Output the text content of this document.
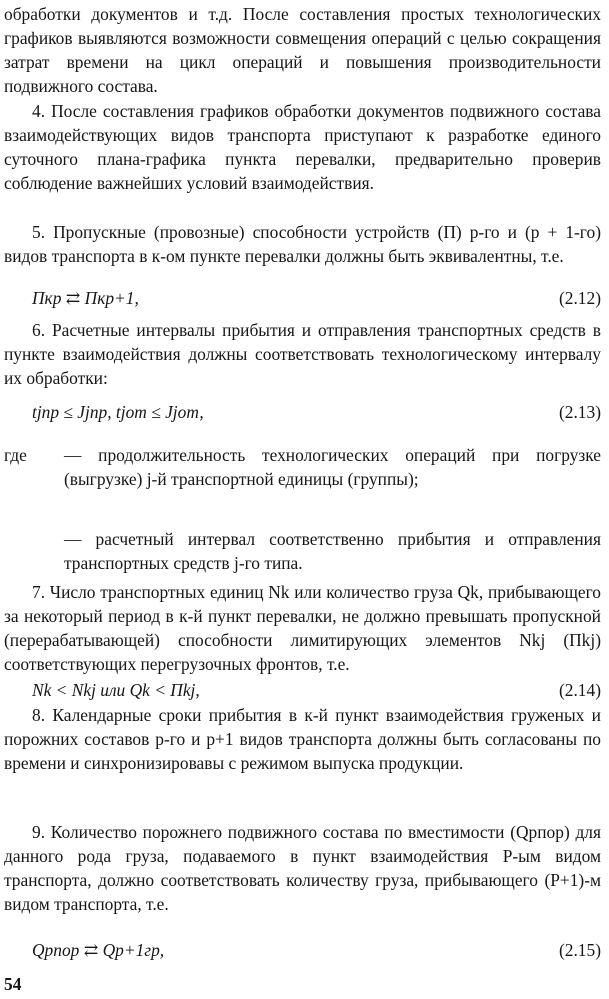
обработки документов и т.д. После составления простых технологических графиков выявляются возможности совмещения операций с целью сокращения затрат времени на цикл операций и повышения производительности подвижного состава.

4. После составления графиков обработки документов подвижного состава взаимодействующих видов транспорта приступают к разработке единого суточного плана-графика пункта перевалки, предварительно проверив соблюдение важнейших условий взаимодействия.

5. Пропускные (провозные) способности устройств (П) р-го и (р + 1-го) видов транспорта в к-ом пункте перевалки должны быть эквивалентны, т.е.

Пкр ⇄ Пкр+1,	(2.12)

6. Расчетные интервалы прибытия и отправления транспортных средств в пункте взаимодействия должны соответствовать технологическому интервалу их обработки:

tjпр ≤ Jjпр, tjот ≤ Jjот,	(2.13)
где — продолжительность технологических операций при погрузке (выгрузке) j-й транспортной единицы (группы);

— расчетный интервал соответственно прибытия и отправления транспортных средств j-го типа.

7. Число транспортных единиц Nk или количество груза Qk, прибывающего за некоторый период в к-й пункт перевалки, не должно превышать пропускной (перерабатывающей) способности лимитирующих элементов Nkj (Пkj) соответствующих перегрузочных фронтов, т.е.

Nk < Nkj или Qk < Пkj,	(2.14)

8. Календарные сроки прибытия в к-й пункт взаимодействия груженых и порожних составов p-го и p+1 видов транспорта должны быть согласованы по времени и синхронизировавы с режимом выпуска продукции.

9. Количество порожнего подвижного состава по вместимости (Qpпор) для данного рода груза, подаваемого в пункт взаимодействия P-ым видом транспорта, должно соответствовать количеству груза, прибывающего (P+1)-м видом транспорта, т.е.

Qpпор ⇄ Qp+1гр,	(2.15)
54
